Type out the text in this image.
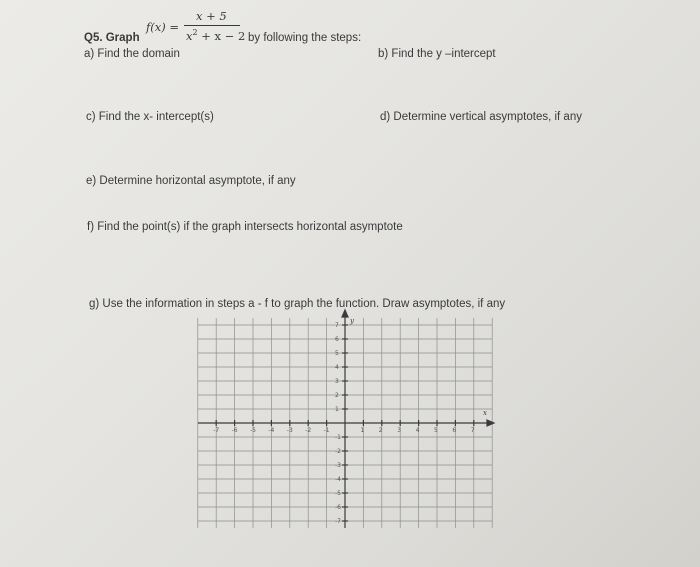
Q5. Graph
f(x) =
x + 5
$x^2 + x - 2$ by following the steps:
a) Find the domain	b) Find the y –intercept
c) Find the x- intercept(s)	d) Determine vertical asymptotes, if any
e) Determine horizontal asymptote, if any
f) Find the point(s) if the graph intersects horizontal asymptote
g) Use the information in steps a - f to graph the function. Draw asymptotes, if any
-7 -6 -5 -4 -3 -2 -1	1 2 3 4 5 6 7
7
6
5
4
3
2
1
-1
-2
-3
-4
-5
-6
-7
x
y
